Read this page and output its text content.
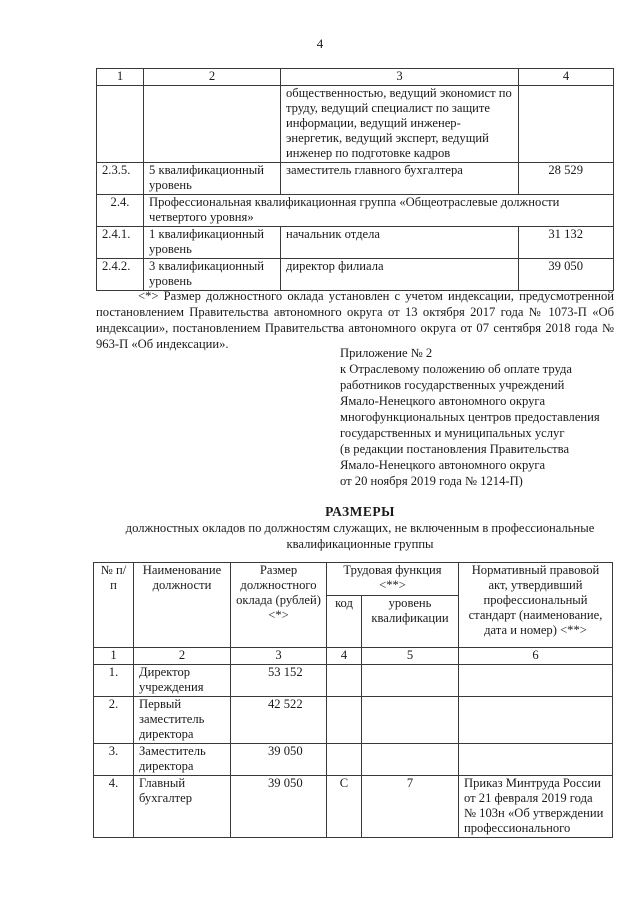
4
1	2	3	4
		общественностью, ведущий экономист по труду, ведущий специалист по защите информации, ведущий инженер-энергетик, ведущий эксперт, ведущий инженер по подготовке кадров	
2.3.5.	5 квалификационный уровень	заместитель главного бухгалтера	28 529
2.4.	Профессиональная квалификационная группа «Общеотраслевые должности четвертого уровня»		
2.4.1.	1 квалификационный уровень	начальник отдела	31 132
2.4.2.	3 квалификационный уровень	директор филиала	39 050

<*> Размер должностного оклада установлен с учетом индексации, предусмотренной постановлением Правительства автономного округа от 13 октября 2017 года № 1073-П «Об индексации», постановлением Правительства автономного округа от 07 сентября 2018 года № 963-П «Об индексации».

Приложение № 2
к Отраслевому положению об оплате труда
работников государственных учреждений
Ямало-Ненецкого автономного округа
многофункциональных центров предоставления
государственных и муниципальных услуг
(в редакции постановления Правительства
Ямало-Ненецкого автономного округа
от 20 ноября 2019 года № 1214-П)
РАЗМЕРЫ
должностных окладов по должностям служащих, не включенным в профессиональные квалификационные группы
№ п/п	Наименование должности	Размер должностного оклада (рублей) <*>	Трудовая функция <**>		Нормативный правовой акт, утвердивший профессиональный стандарт (наименование, дата и номер) <**>
			код	уровень квалификации	
1	2	3	4	5	6
1.	Директор учреждения	53 152			
2.	Первый заместитель директора	42 522			
3.	Заместитель директора	39 050			
4.	Главный бухгалтер	39 050	С	7	Приказ Минтруда России от 21 февраля 2019 года № 103н «Об утверждении профессионального
